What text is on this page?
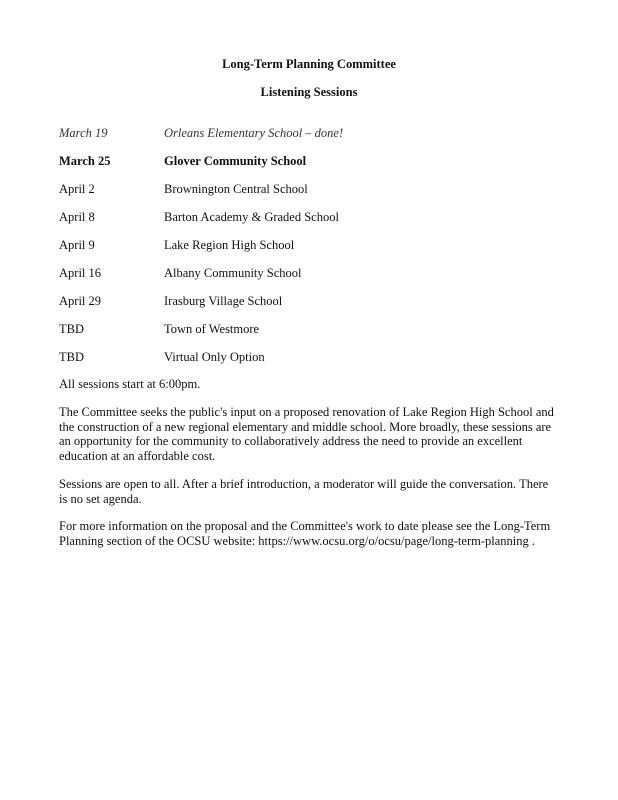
Long-Term Planning Committee
Listening Sessions
March 19	Orleans Elementary School – done!
March 25	Glover Community School
April 2	Brownington Central School
April 8	Barton Academy & Graded School
April 9	Lake Region High School
April 16	Albany Community School
April 29	Irasburg Village School
TBD	Town of Westmore
TBD	Virtual Only Option

All sessions start at 6:00pm.

The Committee seeks the public's input on a proposed renovation of Lake Region High School and the construction of a new regional elementary and middle school. More broadly, these sessions are an opportunity for the community to collaboratively address the need to provide an excellent education at an affordable cost.

Sessions are open to all. After a brief introduction, a moderator will guide the conversation. There is no set agenda.

For more information on the proposal and the Committee's work to date please see the Long-Term Planning section of the OCSU website: https://www.ocsu.org/o/ocsu/page/long-term-planning .
